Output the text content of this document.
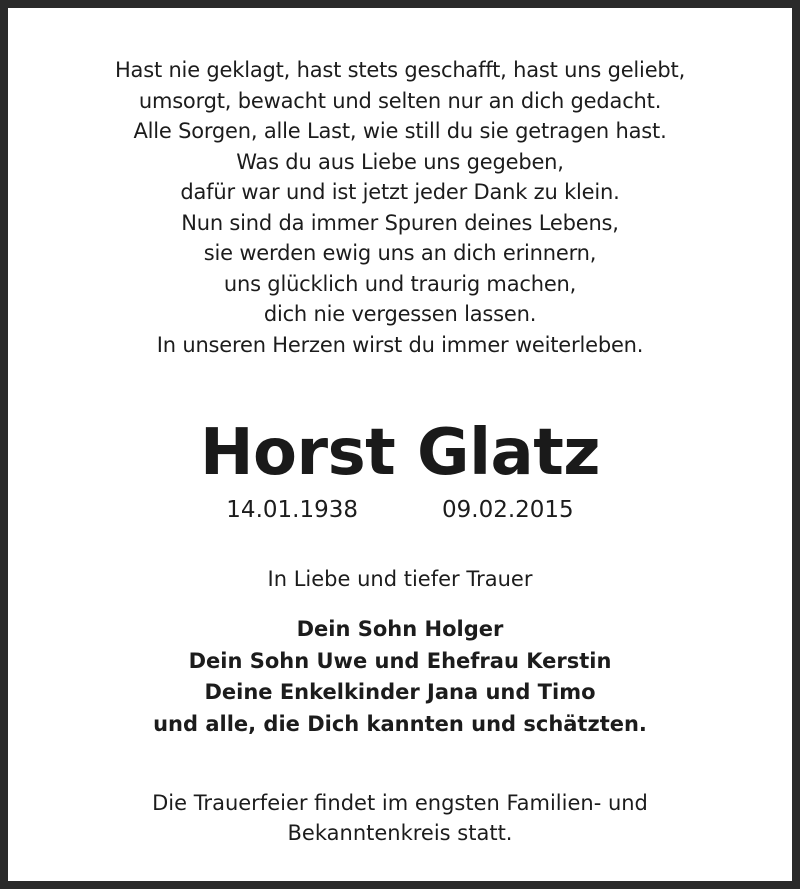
Hast nie geklagt, hast stets geschafft, hast uns geliebt,
umsorgt, bewacht und selten nur an dich gedacht.
Alle Sorgen, alle Last, wie still du sie getragen hast.
Was du aus Liebe uns gegeben,
dafür war und ist jetzt jeder Dank zu klein.
Nun sind da immer Spuren deines Lebens,
sie werden ewig uns an dich erinnern,
uns glücklich und traurig machen,
dich nie vergessen lassen.
In unseren Herzen wirst du immer weiterleben.
Horst Glatz
14.01.1938	09.02.2015
In Liebe und tiefer Trauer
Dein Sohn Holger
Dein Sohn Uwe und Ehefrau Kerstin
Deine Enkelkinder Jana und Timo
und alle, die Dich kannten und schätzten.
Die Trauerfeier findet im engsten Familien- und
Bekanntenkreis statt.
